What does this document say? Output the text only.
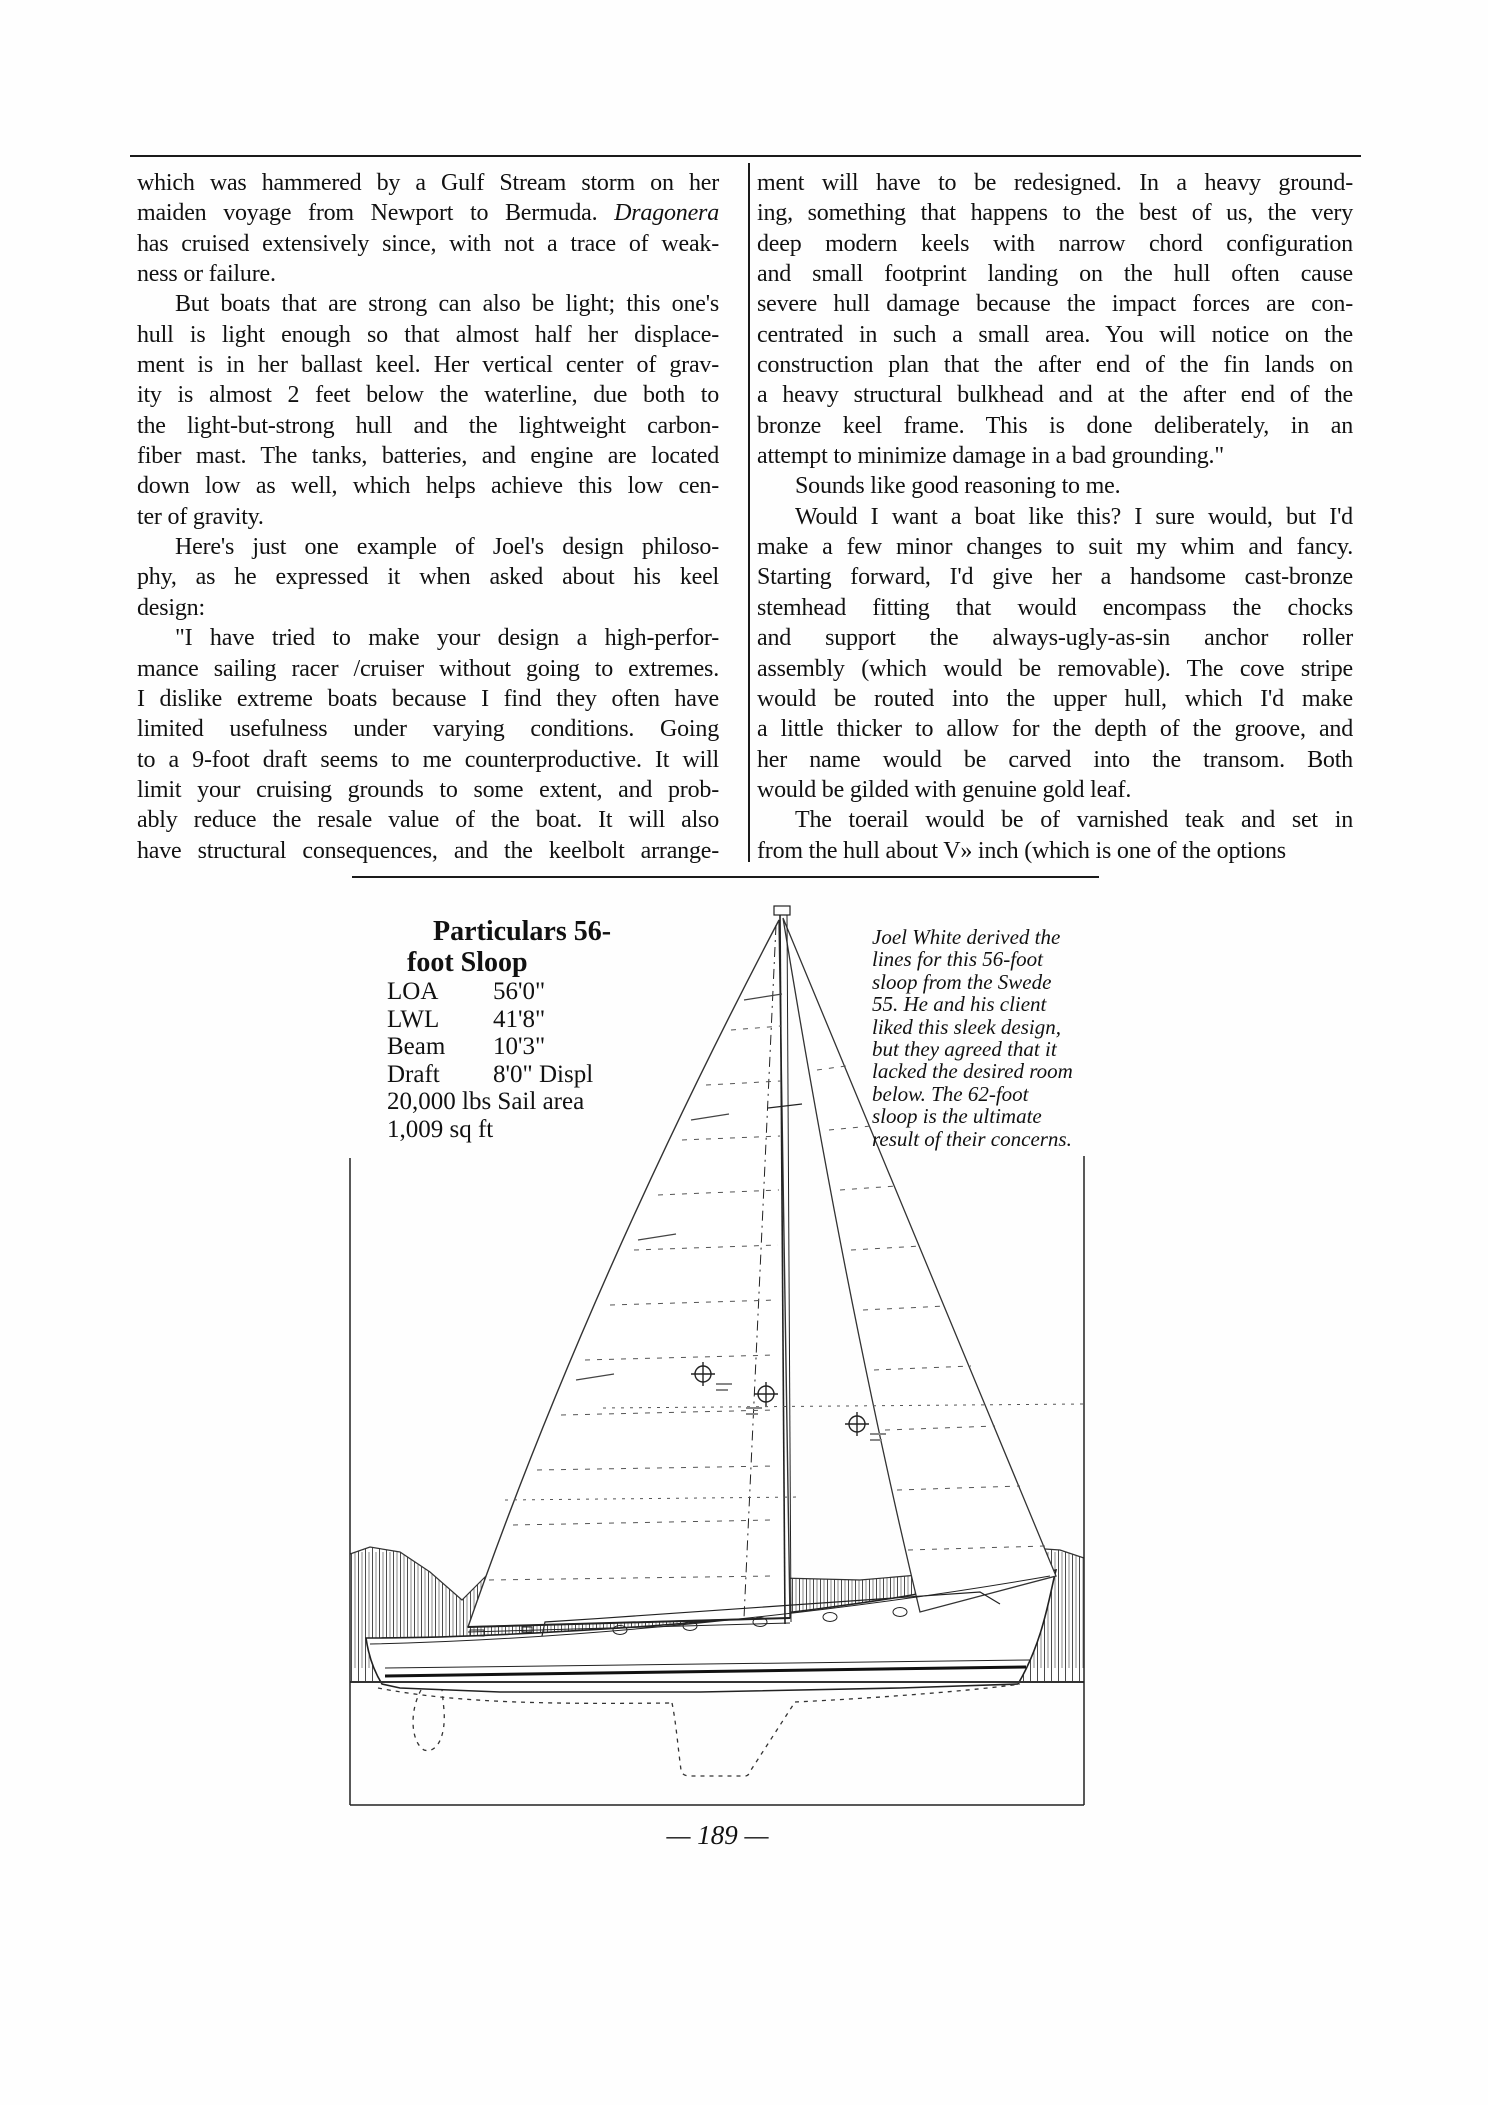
which was hammered by a Gulf Stream storm on her
maiden voyage from Newport to Bermuda. Dragonera
has cruised extensively since, with not a trace of weak-
ness or failure.
But boats that are strong can also be light; this one's
hull is light enough so that almost half her displace-
ment is in her ballast keel. Her vertical center of grav-
ity is almost 2 feet below the waterline, due both to
the light-but-strong hull and the lightweight carbon-
fiber mast. The tanks, batteries, and engine are located
down low as well, which helps achieve this low cen-
ter of gravity.
Here's just one example of Joel's design philoso-
phy, as he expressed it when asked about his keel
design:
"I have tried to make your design a high-perfor-
mance sailing racer /cruiser without going to extremes.
I dislike extreme boats because I find they often have
limited usefulness under varying conditions. Going
to a 9-foot draft seems to me counterproductive. It will
limit your cruising grounds to some extent, and prob-
ably reduce the resale value of the boat. It will also
have structural consequences, and the keelbolt arrange-
ment will have to be redesigned. In a heavy ground-
ing, something that happens to the best of us, the very
deep modern keels with narrow chord configuration
and small footprint landing on the hull often cause
severe hull damage because the impact forces are con-
centrated in such a small area. You will notice on the
construction plan that the after end of the fin lands on
a heavy structural bulkhead and at the after end of the
bronze keel frame. This is done deliberately, in an
attempt to minimize damage in a bad grounding."
Sounds like good reasoning to me.
Would I want a boat like this? I sure would, but I'd
make a few minor changes to suit my whim and fancy.
Starting forward, I'd give her a handsome cast-bronze
stemhead fitting that would encompass the chocks
and support the always-ugly-as-sin anchor roller
assembly (which would be removable). The cove stripe
would be routed into the upper hull, which I'd make
a little thicker to allow for the depth of the groove, and
her name would be carved into the transom. Both
would be gilded with genuine gold leaf.
The toerail would be of varnished teak and set in
from the hull about V» inch (which is one of the options
Particulars 56-
foot Sloop
LOA 56'0"
LWL 41'8"
Beam 10'3"
Draft 8'0" Displ
20,000 lbs Sail area
1,009 sq ft
Joel White derived the
lines for this 56-foot
sloop from the Swede
55. He and his client
liked this sleek design,
but they agreed that it
lacked the desired room
below. The 62-foot
sloop is the ultimate
result of their concerns.
— 189 —
